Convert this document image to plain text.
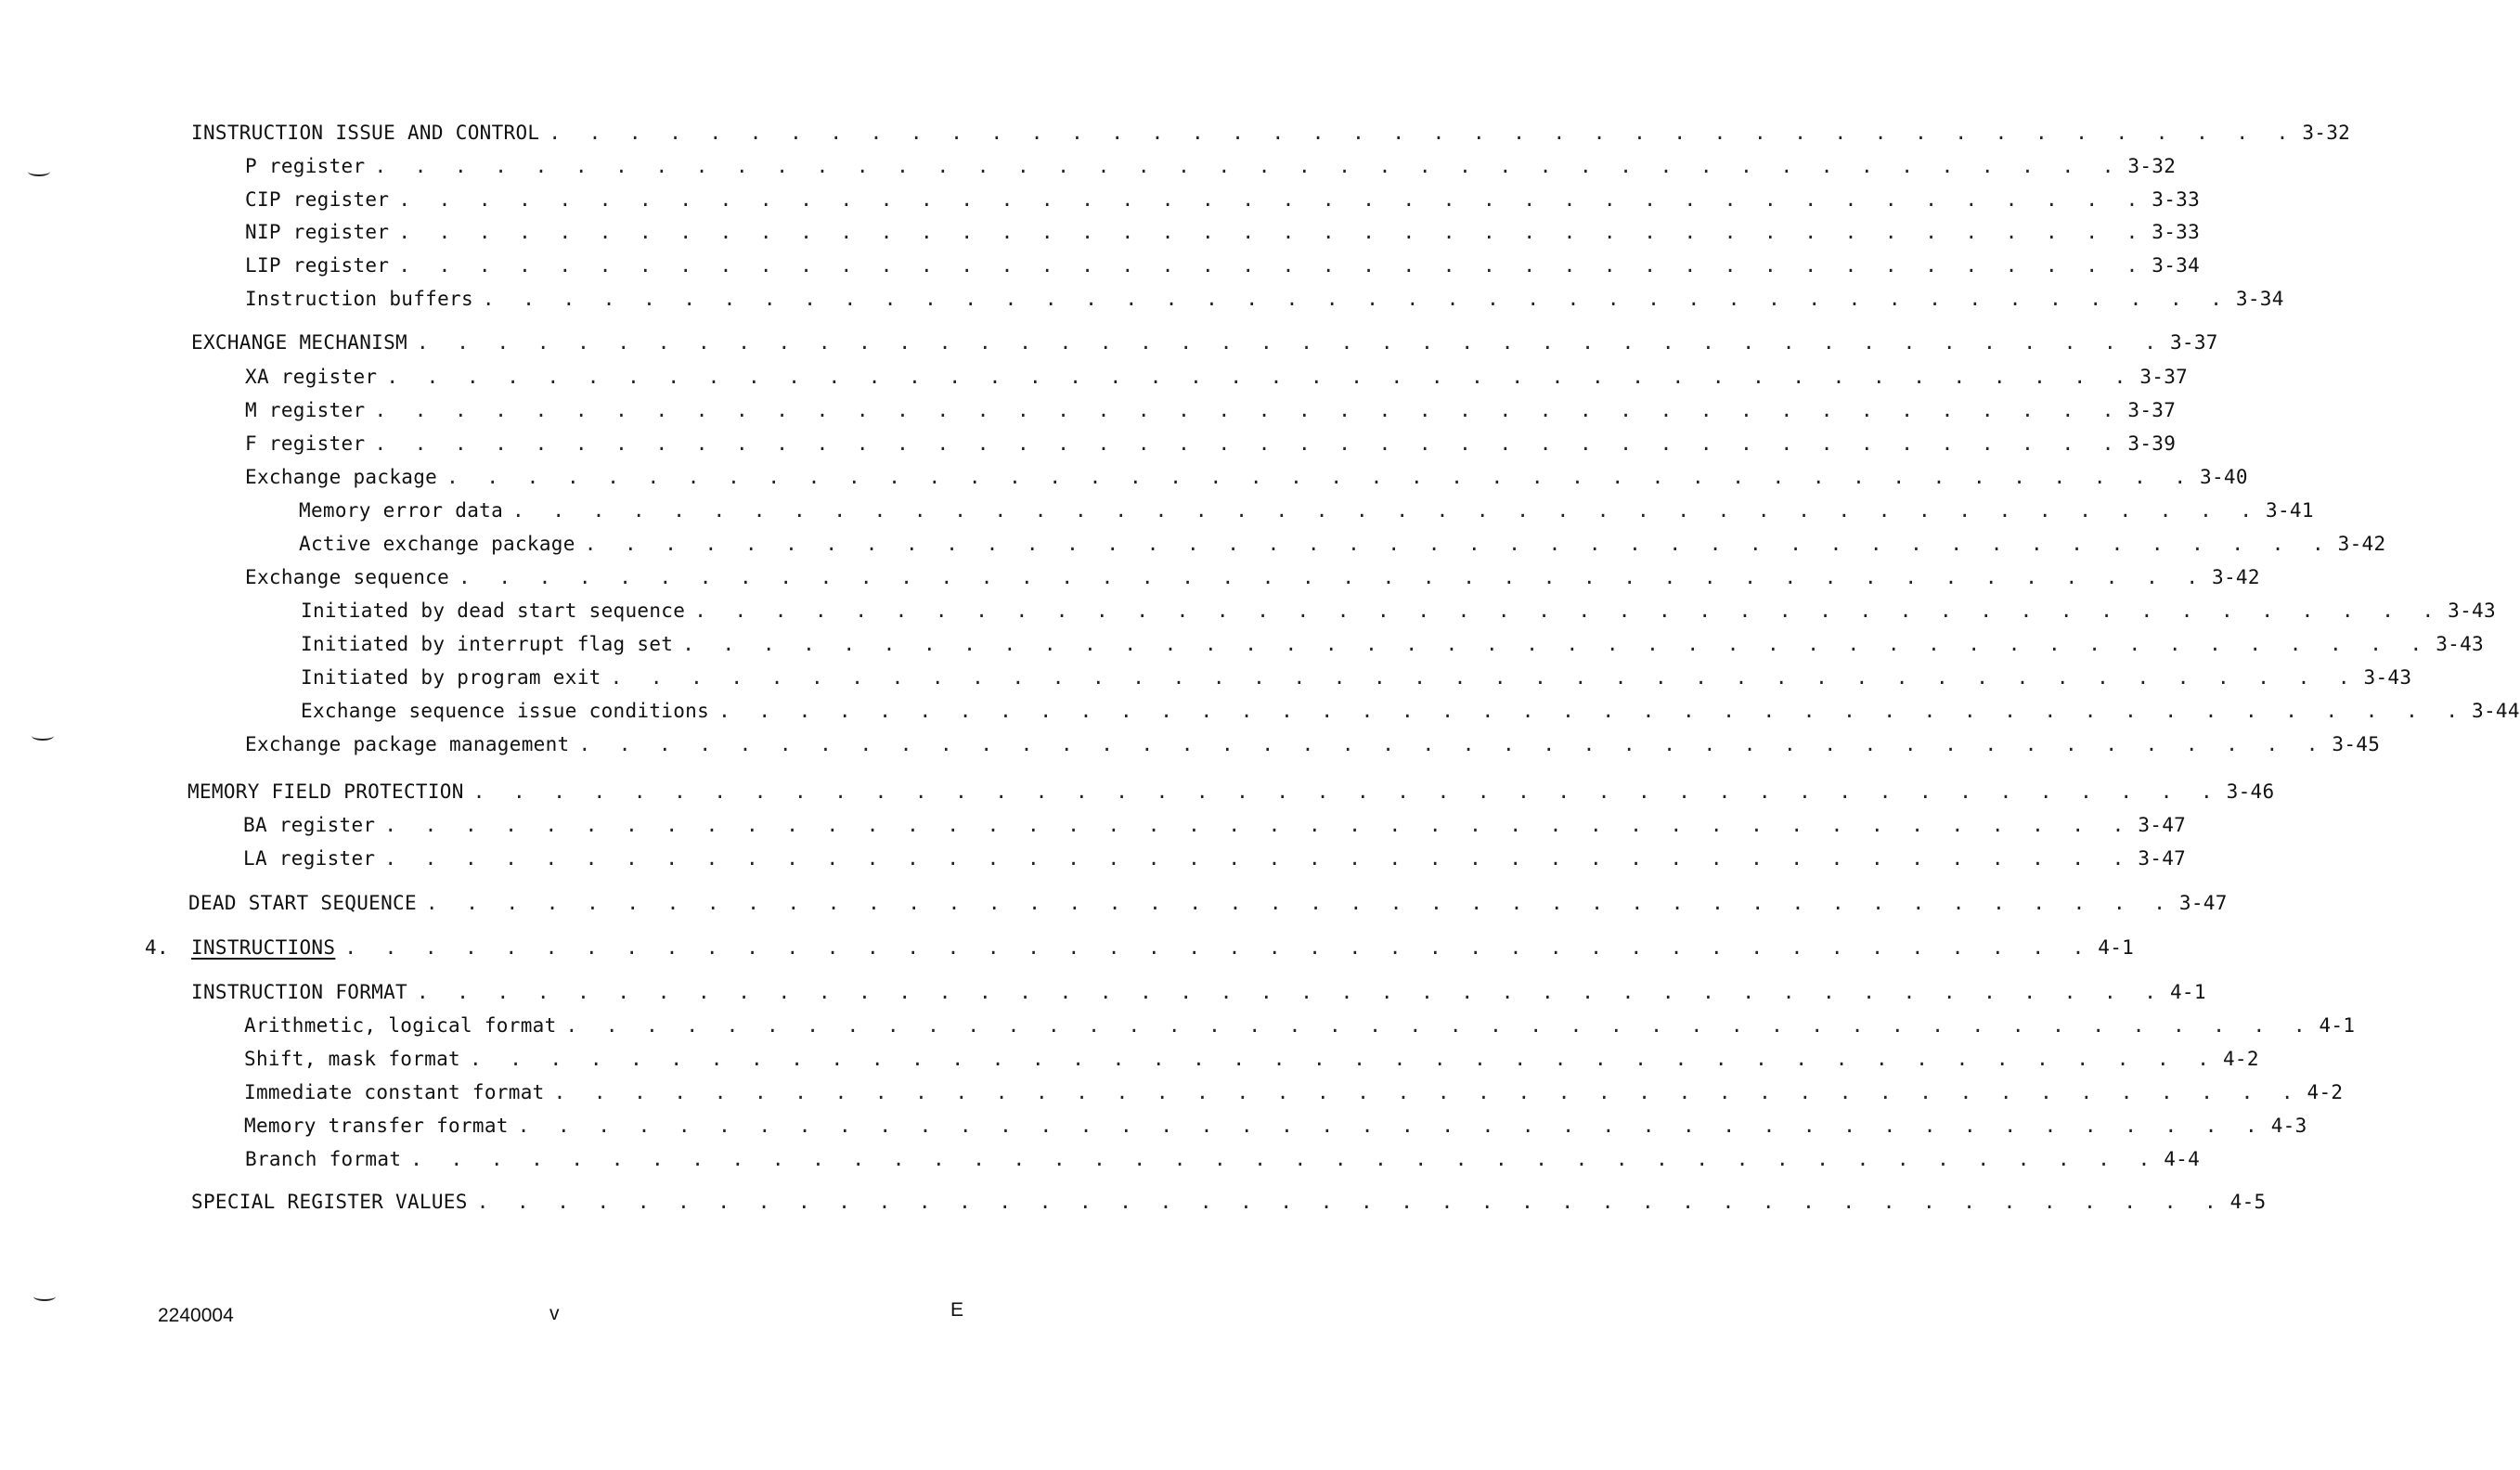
INSTRUCTION ISSUE AND CONTROL . . . . . . . . . . . . . . . . . . . . . . . . . . . . . . . . . . . . . . . . . . . . 3-32
P register . . . . . . . . . . . . . . . . . . . . . . . . . . . . . . . . . . . . . . . . . . . . 3-32
CIP register . . . . . . . . . . . . . . . . . . . . . . . . . . . . . . . . . . . . . . . . . . . . 3-33
NIP register . . . . . . . . . . . . . . . . . . . . . . . . . . . . . . . . . . . . . . . . . . . . 3-33
LIP register . . . . . . . . . . . . . . . . . . . . . . . . . . . . . . . . . . . . . . . . . . . . 3-34
Instruction buffers . . . . . . . . . . . . . . . . . . . . . . . . . . . . . . . . . . . . . . . . . . . . 3-34
EXCHANGE MECHANISM . . . . . . . . . . . . . . . . . . . . . . . . . . . . . . . . . . . . . . . . . . . . 3-37
XA register . . . . . . . . . . . . . . . . . . . . . . . . . . . . . . . . . . . . . . . . . . . . 3-37
M register . . . . . . . . . . . . . . . . . . . . . . . . . . . . . . . . . . . . . . . . . . . . 3-37
F register . . . . . . . . . . . . . . . . . . . . . . . . . . . . . . . . . . . . . . . . . . . . 3-39
Exchange package . . . . . . . . . . . . . . . . . . . . . . . . . . . . . . . . . . . . . . . . . . . . 3-40
Memory error data . . . . . . . . . . . . . . . . . . . . . . . . . . . . . . . . . . . . . . . . . . . . 3-41
Active exchange package . . . . . . . . . . . . . . . . . . . . . . . . . . . . . . . . . . . . . . . . . . . . 3-42
Exchange sequence . . . . . . . . . . . . . . . . . . . . . . . . . . . . . . . . . . . . . . . . . . . . 3-42
Initiated by dead start sequence . . . . . . . . . . . . . . . . . . . . . . . . . . . . . . . . . . . . . . . . . . . . 3-43
Initiated by interrupt flag set . . . . . . . . . . . . . . . . . . . . . . . . . . . . . . . . . . . . . . . . . . . . 3-43
Initiated by program exit . . . . . . . . . . . . . . . . . . . . . . . . . . . . . . . . . . . . . . . . . . . . 3-43
Exchange sequence issue conditions . . . . . . . . . . . . . . . . . . . . . . . . . . . . . . . . . . . . . . . . . . . . 3-44
Exchange package management . . . . . . . . . . . . . . . . . . . . . . . . . . . . . . . . . . . . . . . . . . . . 3-45
MEMORY FIELD PROTECTION . . . . . . . . . . . . . . . . . . . . . . . . . . . . . . . . . . . . . . . . . . . . 3-46
BA register . . . . . . . . . . . . . . . . . . . . . . . . . . . . . . . . . . . . . . . . . . . . 3-47
LA register . . . . . . . . . . . . . . . . . . . . . . . . . . . . . . . . . . . . . . . . . . . . 3-47
DEAD START SEQUENCE . . . . . . . . . . . . . . . . . . . . . . . . . . . . . . . . . . . . . . . . . . . . 3-47
4. INSTRUCTIONS . . . . . . . . . . . . . . . . . . . . . . . . . . . . . . . . . . . . . . . . . . . . 4-1
INSTRUCTION FORMAT . . . . . . . . . . . . . . . . . . . . . . . . . . . . . . . . . . . . . . . . . . . . 4-1
Arithmetic, logical format . . . . . . . . . . . . . . . . . . . . . . . . . . . . . . . . . . . . . . . . . . . . 4-1
Shift, mask format . . . . . . . . . . . . . . . . . . . . . . . . . . . . . . . . . . . . . . . . . . . . 4-2
Immediate constant format . . . . . . . . . . . . . . . . . . . . . . . . . . . . . . . . . . . . . . . . . . . . 4-2
Memory transfer format . . . . . . . . . . . . . . . . . . . . . . . . . . . . . . . . . . . . . . . . . . . . 4-3
Branch format . . . . . . . . . . . . . . . . . . . . . . . . . . . . . . . . . . . . . . . . . . . . 4-4
SPECIAL REGISTER VALUES . . . . . . . . . . . . . . . . . . . . . . . . . . . . . . . . . . . . . . . . . . . . 4-5
2240004	v	E
